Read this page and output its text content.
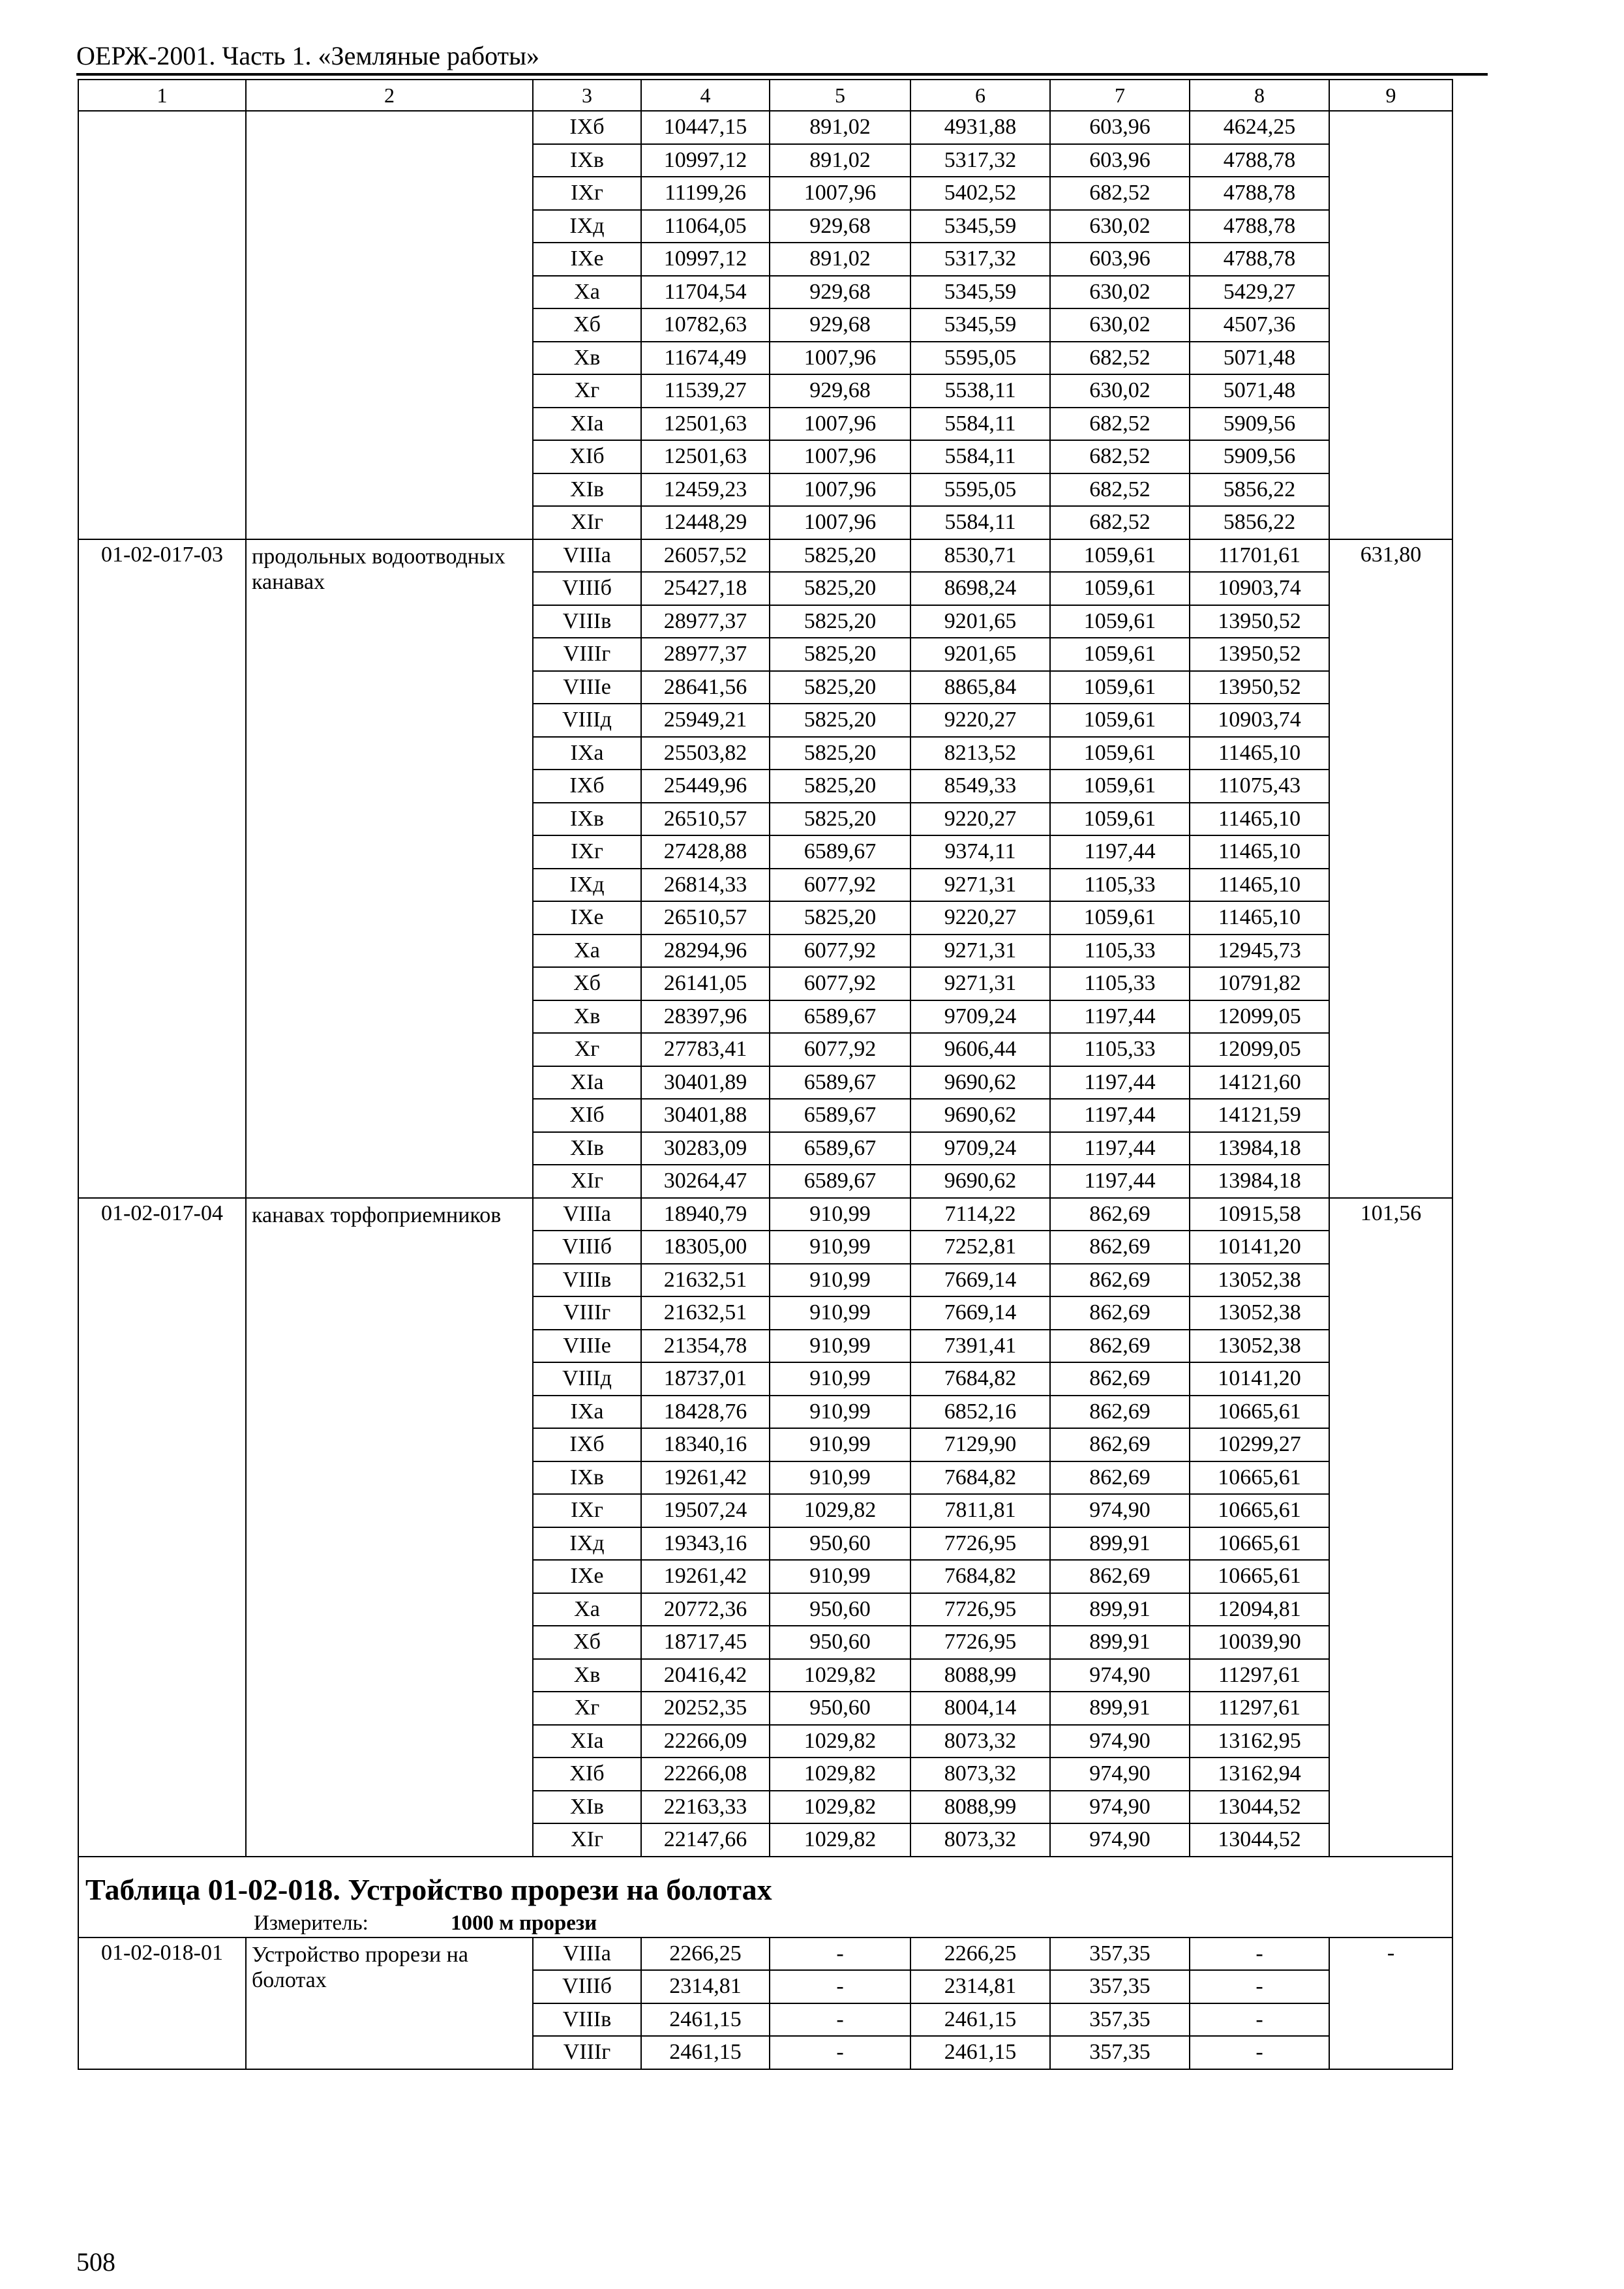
ОЕРЖ-2001. Часть 1. «Земляные работы»
1	2	3	4	5	6	7	8	9
		IXб	10447,15	891,02	4931,88	603,96	4624,25	
		IXв	10997,12	891,02	5317,32	603,96	4788,78	
		IXг	11199,26	1007,96	5402,52	682,52	4788,78	
		IXд	11064,05	929,68	5345,59	630,02	4788,78	
		IXе	10997,12	891,02	5317,32	603,96	4788,78	
		Xa	11704,54	929,68	5345,59	630,02	5429,27	
		Xб	10782,63	929,68	5345,59	630,02	4507,36	
		Xв	11674,49	1007,96	5595,05	682,52	5071,48	
		Xг	11539,27	929,68	5538,11	630,02	5071,48	
		XIa	12501,63	1007,96	5584,11	682,52	5909,56	
		XIб	12501,63	1007,96	5584,11	682,52	5909,56	
		XIв	12459,23	1007,96	5595,05	682,52	5856,22	
		XIг	12448,29	1007,96	5584,11	682,52	5856,22	
01-02-017-03	продольных водоотводных канавах	VIIIа	26057,52	5825,20	8530,71	1059,61	11701,61	631,80
		VIIIб	25427,18	5825,20	8698,24	1059,61	10903,74	
		VIIIв	28977,37	5825,20	9201,65	1059,61	13950,52	
		VIIIг	28977,37	5825,20	9201,65	1059,61	13950,52	
		VIIIе	28641,56	5825,20	8865,84	1059,61	13950,52	
		VIIIд	25949,21	5825,20	9220,27	1059,61	10903,74	
		IXa	25503,82	5825,20	8213,52	1059,61	11465,10	
		IXб	25449,96	5825,20	8549,33	1059,61	11075,43	
		IXв	26510,57	5825,20	9220,27	1059,61	11465,10	
		IXг	27428,88	6589,67	9374,11	1197,44	11465,10	
		IXд	26814,33	6077,92	9271,31	1105,33	11465,10	
		IXе	26510,57	5825,20	9220,27	1059,61	11465,10	
		Xa	28294,96	6077,92	9271,31	1105,33	12945,73	
		Xб	26141,05	6077,92	9271,31	1105,33	10791,82	
		Xв	28397,96	6589,67	9709,24	1197,44	12099,05	
		Xг	27783,41	6077,92	9606,44	1105,33	12099,05	
		XIa	30401,89	6589,67	9690,62	1197,44	14121,60	
		XIб	30401,88	6589,67	9690,62	1197,44	14121,59	
		XIв	30283,09	6589,67	9709,24	1197,44	13984,18	
		XIг	30264,47	6589,67	9690,62	1197,44	13984,18	
01-02-017-04	канавах торфоприемников	VIIIа	18940,79	910,99	7114,22	862,69	10915,58	101,56
		VIIIб	18305,00	910,99	7252,81	862,69	10141,20	
		VIIIв	21632,51	910,99	7669,14	862,69	13052,38	
		VIIIг	21632,51	910,99	7669,14	862,69	13052,38	
		VIIIе	21354,78	910,99	7391,41	862,69	13052,38	
		VIIIд	18737,01	910,99	7684,82	862,69	10141,20	
		IXa	18428,76	910,99	6852,16	862,69	10665,61	
		IXб	18340,16	910,99	7129,90	862,69	10299,27	
		IXв	19261,42	910,99	7684,82	862,69	10665,61	
		IXг	19507,24	1029,82	7811,81	974,90	10665,61	
		IXд	19343,16	950,60	7726,95	899,91	10665,61	
		IXе	19261,42	910,99	7684,82	862,69	10665,61	
		Xa	20772,36	950,60	7726,95	899,91	12094,81	
		Xб	18717,45	950,60	7726,95	899,91	10039,90	
		Xв	20416,42	1029,82	8088,99	974,90	11297,61	
		Xг	20252,35	950,60	8004,14	899,91	11297,61	
		XIa	22266,09	1029,82	8073,32	974,90	13162,95	
		XIб	22266,08	1029,82	8073,32	974,90	13162,94	
		XIв	22163,33	1029,82	8088,99	974,90	13044,52	
		XIг	22147,66	1029,82	8073,32	974,90	13044,52	
Таблица 01-02-018. Устройство прорези на болотах								
Измеритель: 1000 м прорези								
01-02-018-01	Устройство прорези на болотах	VIIIа	2266,25	-	2266,25	357,35	-	-
		VIIIб	2314,81	-	2314,81	357,35	-	
		VIIIв	2461,15	-	2461,15	357,35	-	
		VIIIг	2461,15	-	2461,15	357,35	-	
508
